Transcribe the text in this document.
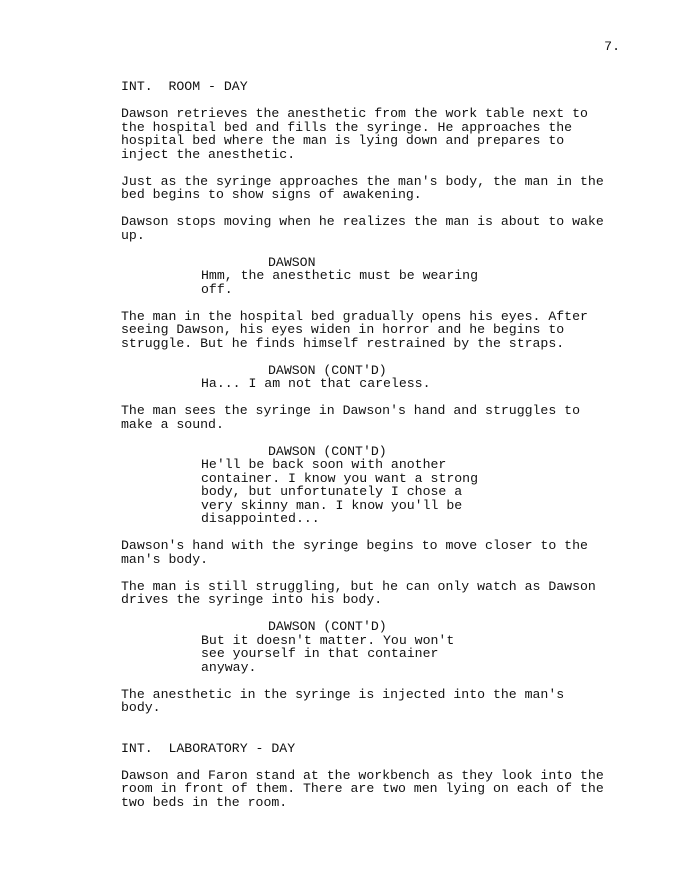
7.
INT.  ROOM - DAY
Dawson retrieves the anesthetic from the work table next to
the hospital bed and fills the syringe. He approaches the
hospital bed where the man is lying down and prepares to
inject the anesthetic.
Just as the syringe approaches the man's body, the man in the
bed begins to show signs of awakening.
Dawson stops moving when he realizes the man is about to wake
up.
DAWSON
Hmm, the anesthetic must be wearing
off.
The man in the hospital bed gradually opens his eyes. After
seeing Dawson, his eyes widen in horror and he begins to
struggle. But he finds himself restrained by the straps.
DAWSON (CONT'D)
Ha... I am not that careless.
The man sees the syringe in Dawson's hand and struggles to
make a sound.
DAWSON (CONT'D)
He'll be back soon with another
container. I know you want a strong
body, but unfortunately I chose a
very skinny man. I know you'll be
disappointed...
Dawson's hand with the syringe begins to move closer to the
man's body.
The man is still struggling, but he can only watch as Dawson
drives the syringe into his body.
DAWSON (CONT'D)
But it doesn't matter. You won't
see yourself in that container
anyway.
The anesthetic in the syringe is injected into the man's
body.
INT.  LABORATORY - DAY
Dawson and Faron stand at the workbench as they look into the
room in front of them. There are two men lying on each of the
two beds in the room.
